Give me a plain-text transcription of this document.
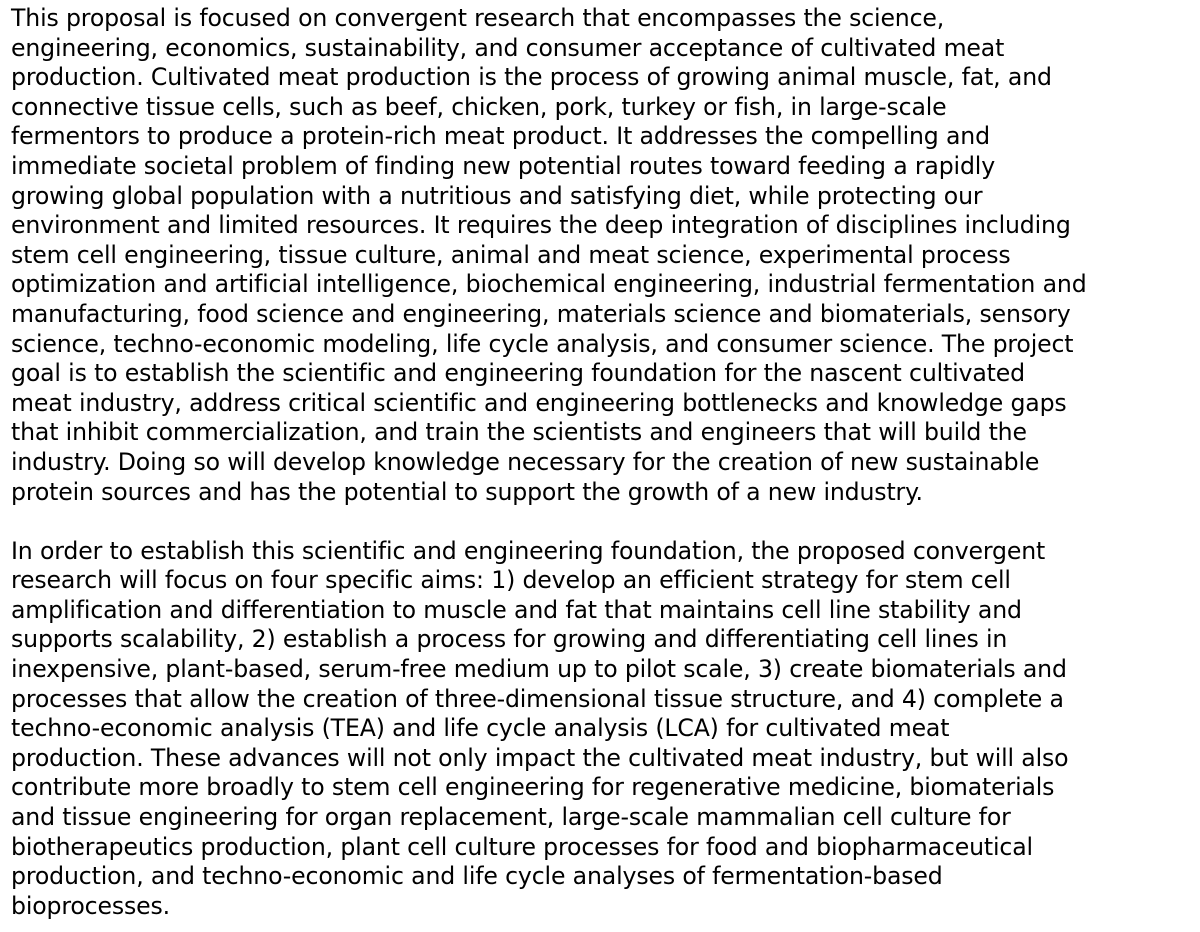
This proposal is focused on convergent research that encompasses the science,
engineering, economics, sustainability, and consumer acceptance of cultivated meat
production. Cultivated meat production is the process of growing animal muscle, fat, and
connective tissue cells, such as beef, chicken, pork, turkey or fish, in large-scale
fermentors to produce a protein-rich meat product. It addresses the compelling and
immediate societal problem of finding new potential routes toward feeding a rapidly
growing global population with a nutritious and satisfying diet, while protecting our
environment and limited resources. It requires the deep integration of disciplines including
stem cell engineering, tissue culture, animal and meat science, experimental process
optimization and artificial intelligence, biochemical engineering, industrial fermentation and
manufacturing, food science and engineering, materials science and biomaterials, sensory
science, techno-economic modeling, life cycle analysis, and consumer science. The project
goal is to establish the scientific and engineering foundation for the nascent cultivated
meat industry, address critical scientific and engineering bottlenecks and knowledge gaps
that inhibit commercialization, and train the scientists and engineers that will build the
industry. Doing so will develop knowledge necessary for the creation of new sustainable
protein sources and has the potential to support the growth of a new industry.

In order to establish this scientific and engineering foundation, the proposed convergent
research will focus on four specific aims: 1) develop an efficient strategy for stem cell
amplification and differentiation to muscle and fat that maintains cell line stability and
supports scalability, 2) establish a process for growing and differentiating cell lines in
inexpensive, plant-based, serum-free medium up to pilot scale, 3) create biomaterials and
processes that allow the creation of three-dimensional tissue structure, and 4) complete a
techno-economic analysis (TEA) and life cycle analysis (LCA) for cultivated meat
production. These advances will not only impact the cultivated meat industry, but will also
contribute more broadly to stem cell engineering for regenerative medicine, biomaterials
and tissue engineering for organ replacement, large-scale mammalian cell culture for
biotherapeutics production, plant cell culture processes for food and biopharmaceutical
production, and techno-economic and life cycle analyses of fermentation-based
bioprocesses.
